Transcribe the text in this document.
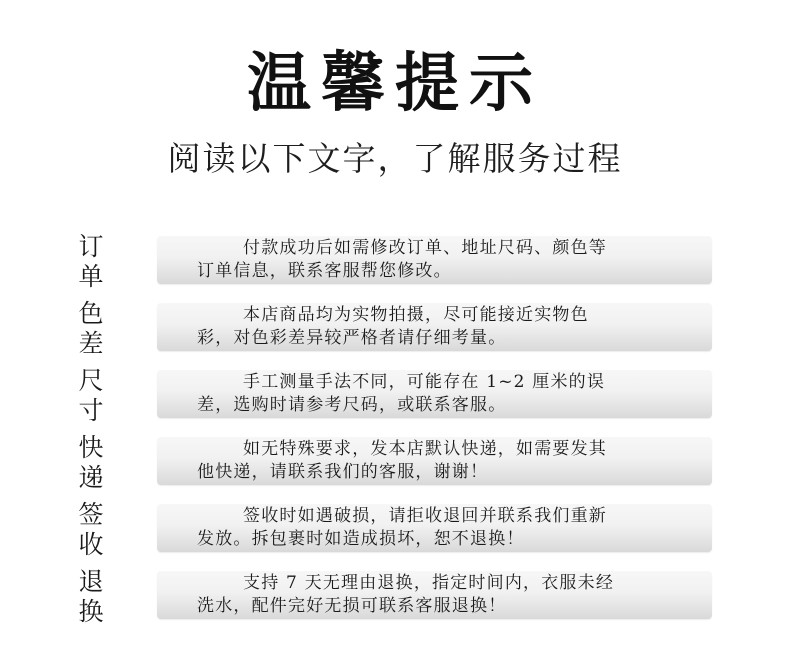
温馨提示
阅读以下文字，了解服务过程
订
单
付款成功后如需修改订单、地址尺码、颜色等
订单信息，联系客服帮您修改。
色
差
本店商品均为实物拍摄，尽可能接近实物色
彩，对色彩差异较严格者请仔细考量。
尺
寸
手工测量手法不同，可能存在 1~2 厘米的误
差，选购时请参考尺码，或联系客服。
快
递
如无特殊要求，发本店默认快递，如需要发其
他快递，请联系我们的客服，谢谢！
签
收
签收时如遇破损，请拒收退回并联系我们重新
发放。拆包裹时如造成损坏，恕不退换！
退
换
支持 7 天无理由退换，指定时间内，衣服未经
洗水，配件完好无损可联系客服退换！
